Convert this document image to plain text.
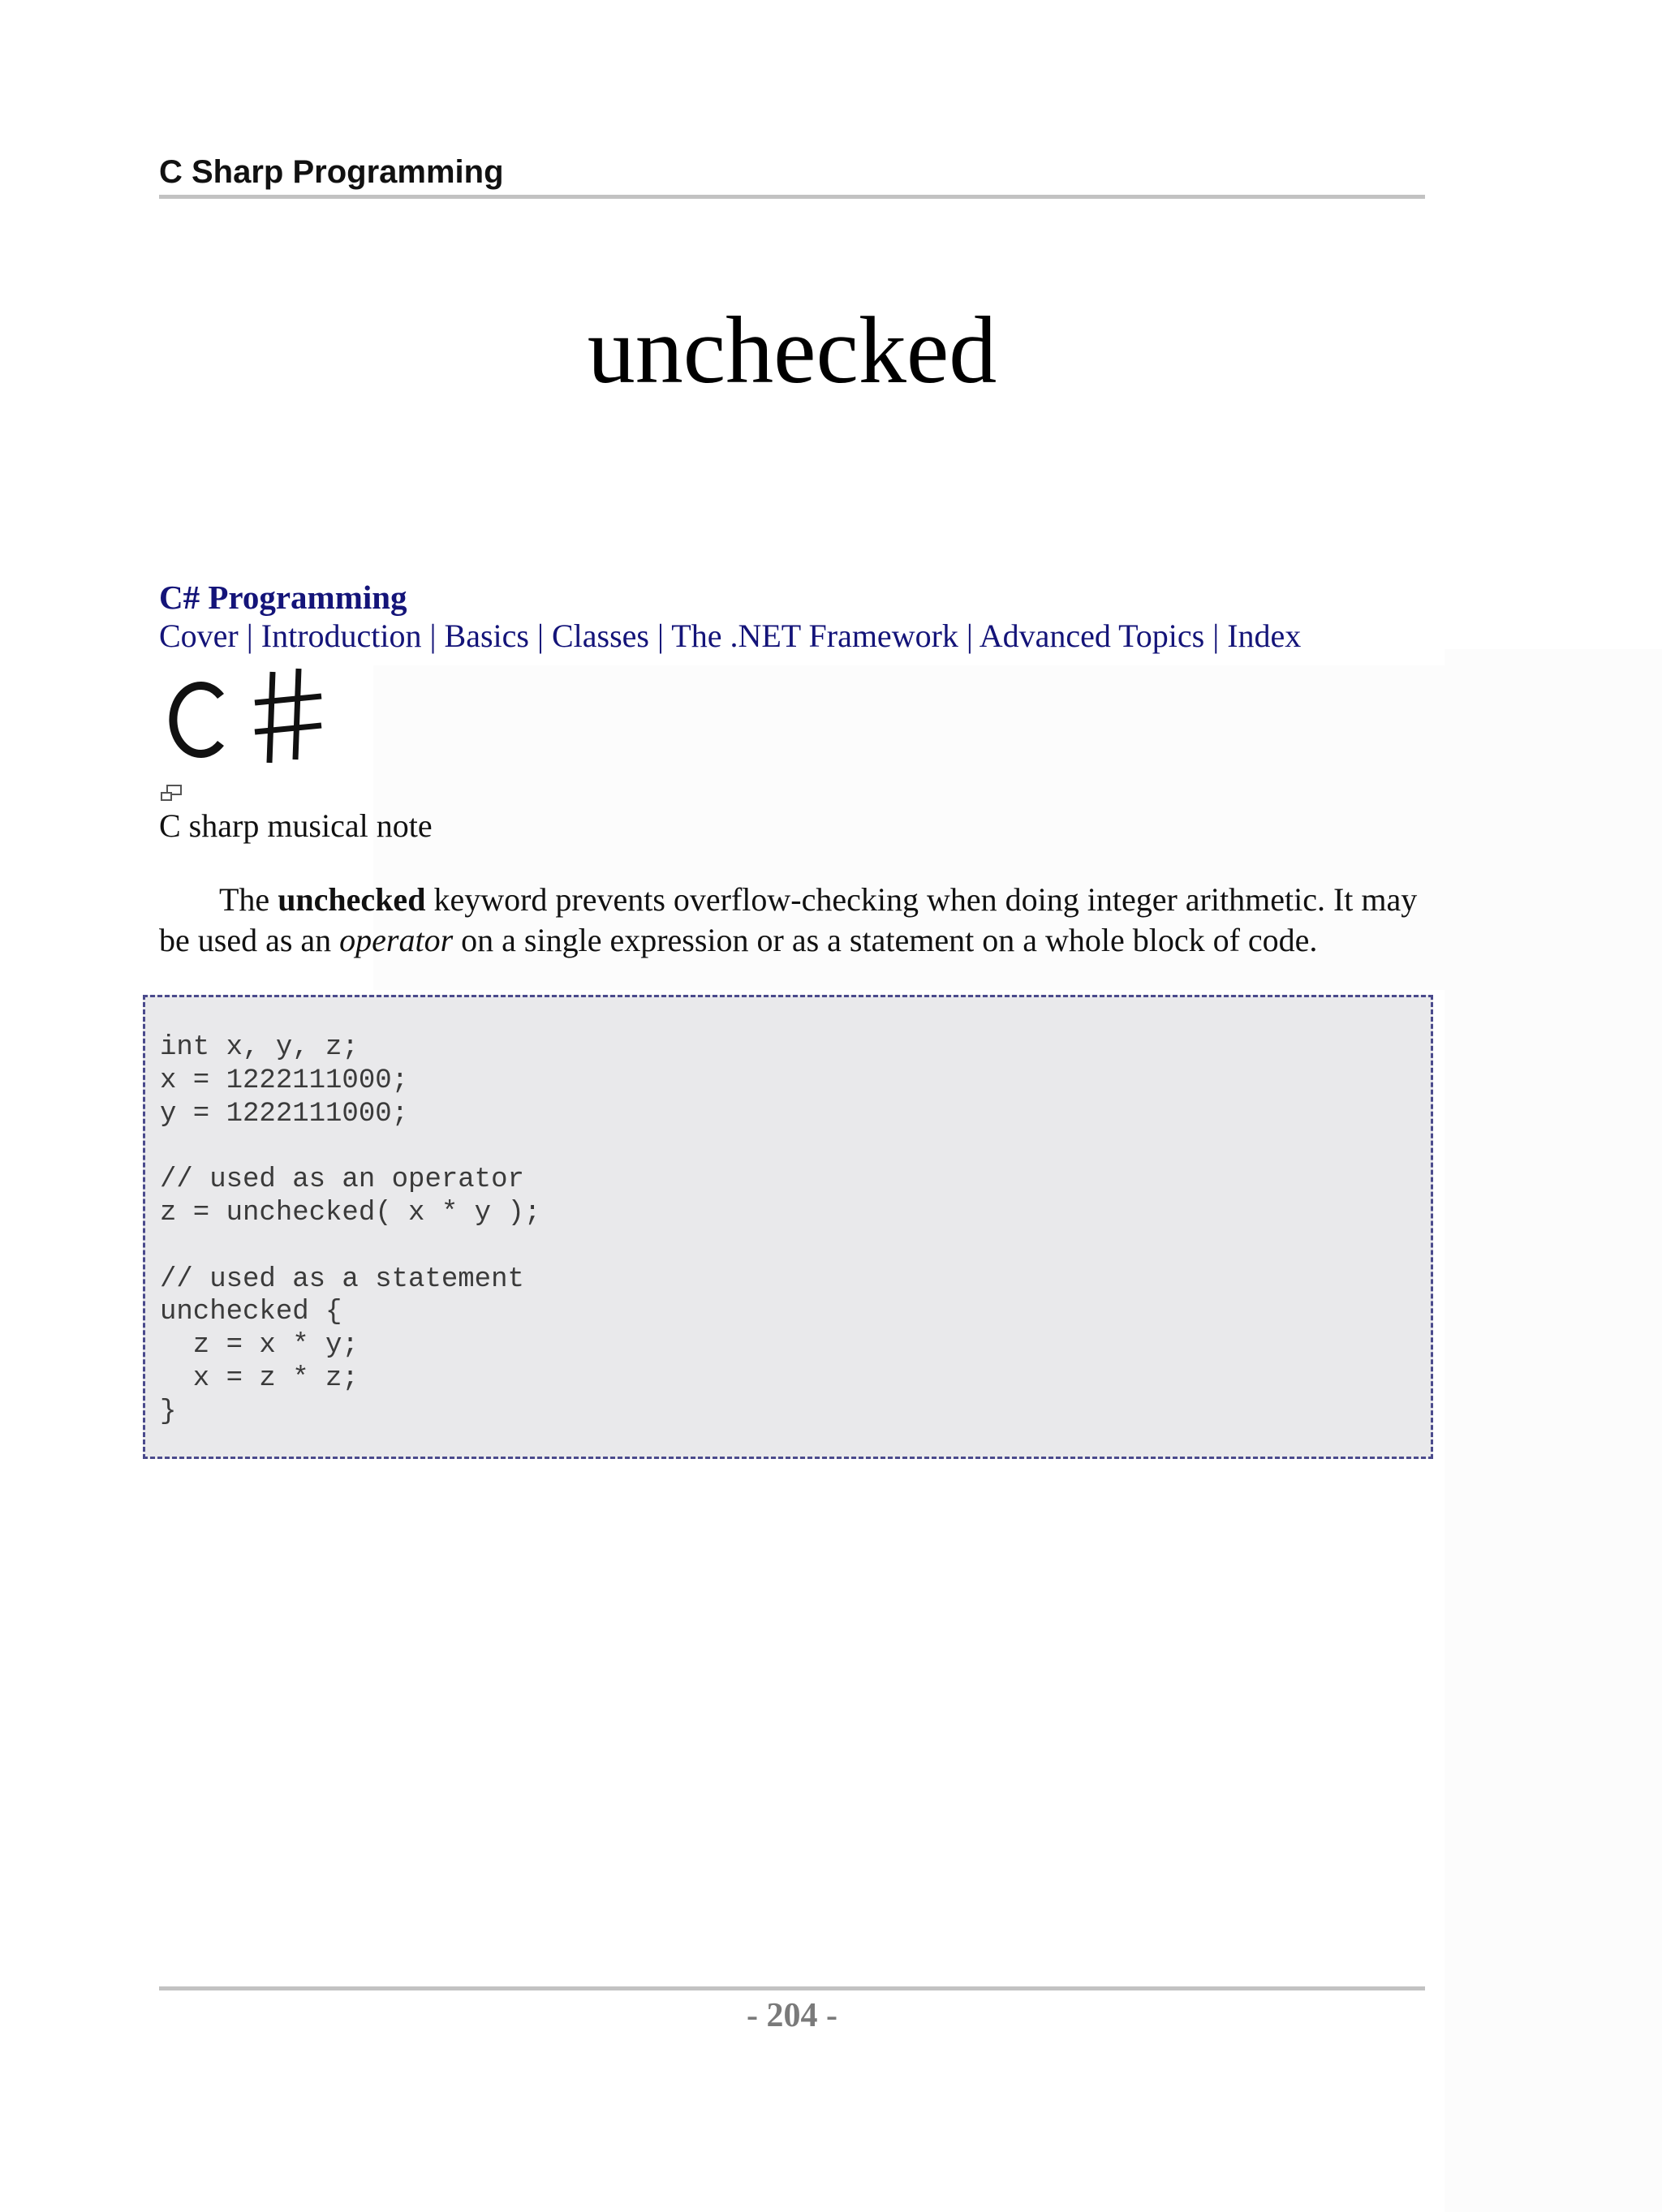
C Sharp Programming
unchecked
C# Programming
Cover | Introduction | Basics | Classes | The .NET Framework | Advanced Topics | Index
C sharp musical note

The unchecked keyword prevents overflow-checking when doing integer arithmetic. It may be used as an operator on a single expression or as a statement on a whole block of code.

int x, y, z;
x = 1222111000;
y = 1222111000;

// used as an operator
z = unchecked( x * y );

// used as a statement
unchecked {
z = x * y;
x = z * z;
}
- 204 -
